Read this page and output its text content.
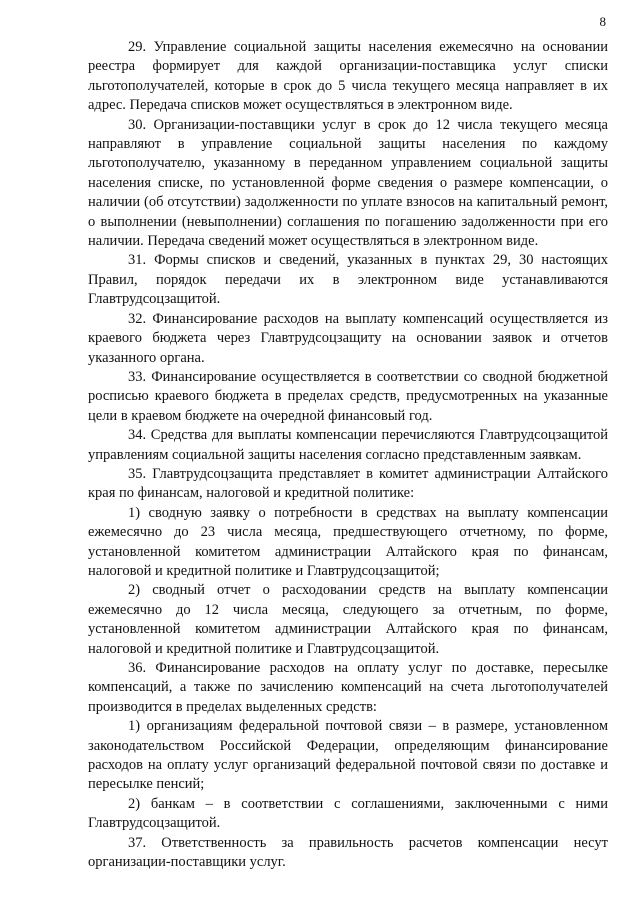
8

29. Управление социальной защиты населения ежемесячно на основании реестра формирует для каждой организации-поставщика услуг списки льготополучателей, которые в срок до 5 числа текущего месяца направляет в их адрес. Передача списков может осуществляться в электронном виде.

30. Организации-поставщики услуг в срок до 12 числа текущего месяца направляют в управление социальной защиты населения по каждому льготополучателю, указанному в переданном управлением социальной защиты населения списке, по установленной форме сведения о размере компенсации, о наличии (об отсутствии) задолженности по уплате взносов на капитальный ремонт, о выполнении (невыполнении) соглашения по погашению задолженности при его наличии. Передача сведений может осуществляться в электронном виде.

31. Формы списков и сведений, указанных в пунктах 29, 30 настоящих Правил, порядок передачи их в электронном виде устанавливаются Главтрудсоцзащитой.

32. Финансирование расходов на выплату компенсаций осуществляется из краевого бюджета через Главтрудсоцзащиту на основании заявок и отчетов указанного органа.

33. Финансирование осуществляется в соответствии со сводной бюджетной росписью краевого бюджета в пределах средств, предусмотренных на указанные цели в краевом бюджете на очередной финансовый год.

34. Средства для выплаты компенсации перечисляются Главтрудсоцзащитой управлениям социальной защиты населения согласно представленным заявкам.

35. Главтрудсоцзащита представляет в комитет администрации Алтайского края по финансам, налоговой и кредитной политике:

1) сводную заявку о потребности в средствах на выплату компенсации ежемесячно до 23 числа месяца, предшествующего отчетному, по форме, установленной комитетом администрации Алтайского края по финансам, налоговой и кредитной политике и Главтрудсоцзащитой;

2) сводный отчет о расходовании средств на выплату компенсации ежемесячно до 12 числа месяца, следующего за отчетным, по форме, установленной комитетом администрации Алтайского края по финансам, налоговой и кредитной политике и Главтрудсоцзащитой.

36. Финансирование расходов на оплату услуг по доставке, пересылке компенсаций, а также по зачислению компенсаций на счета льготополучателей производится в пределах выделенных средств:

1) организациям федеральной почтовой связи – в размере, установленном законодательством Российской Федерации, определяющим финансирование расходов на оплату услуг организаций федеральной почтовой связи по доставке и пересылке пенсий;

2) банкам – в соответствии с соглашениями, заключенными с ними Главтрудсоцзащитой.

37. Ответственность за правильность расчетов компенсации несут организации-поставщики услуг.
